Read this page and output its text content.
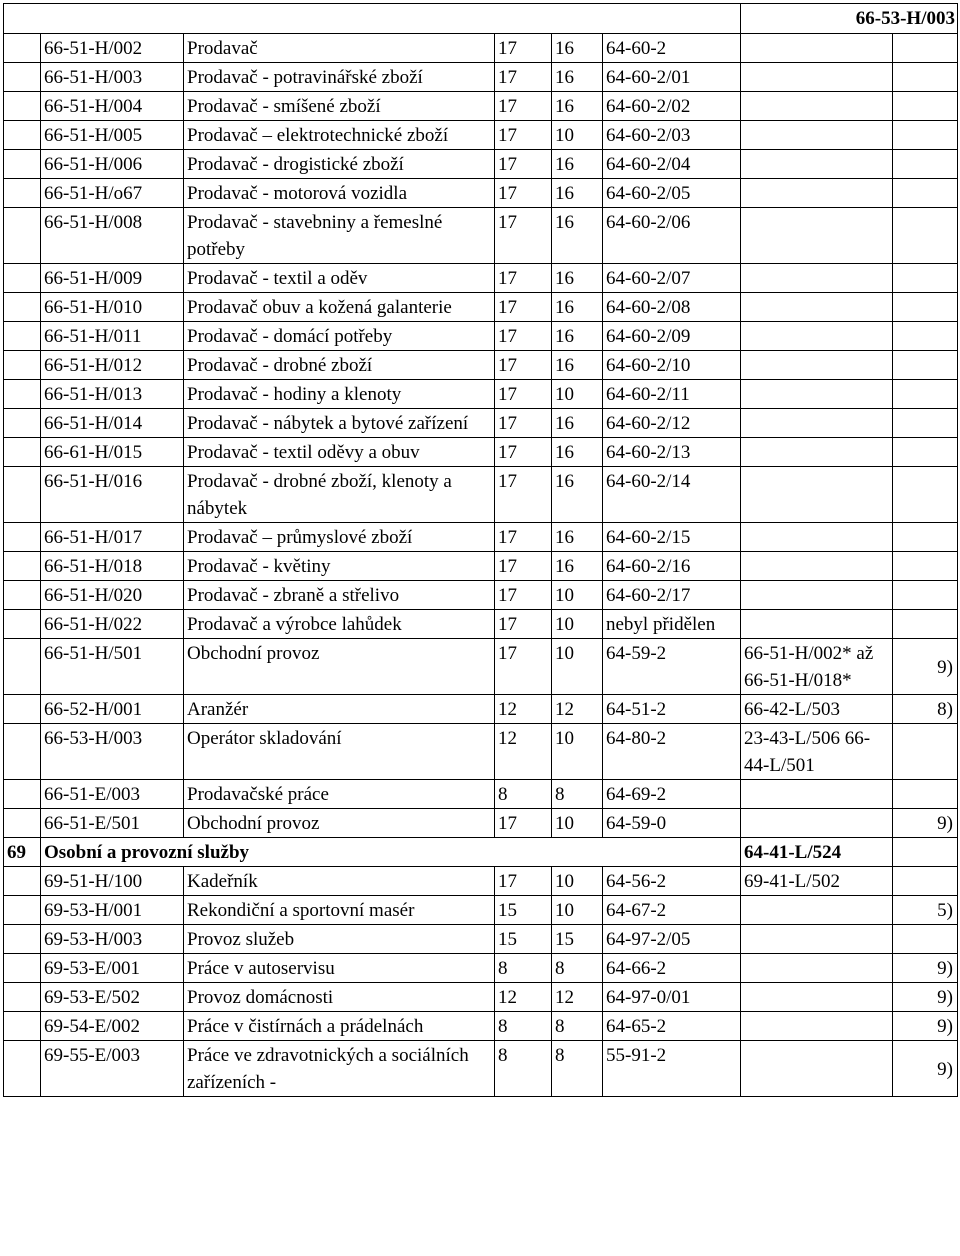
						66-53-H/003	
	66-51-H/002	Prodavač	17	16	64-60-2		
	66-51-H/003	Prodavač - potravinářské zboží	17	16	64-60-2/01		
	66-51-H/004	Prodavač - smíšené zboží	17	16	64-60-2/02		
	66-51-H/005	Prodavač – elektrotechnické zboží	17	10	64-60-2/03		
	66-51-H/006	Prodavač - drogistické zboží	17	16	64-60-2/04		
	66-51-H/o67	Prodavač - motorová vozidla	17	16	64-60-2/05		
	66-51-H/008	Prodavač - stavebniny a řemeslné potřeby	17	16	64-60-2/06		
	66-51-H/009	Prodavač - textil a oděv	17	16	64-60-2/07		
	66-51-H/010	Prodavač obuv a kožená galanterie	17	16	64-60-2/08		
	66-51-H/011	Prodavač - domácí potřeby	17	16	64-60-2/09		
	66-51-H/012	Prodavač - drobné zboží	17	16	64-60-2/10		
	66-51-H/013	Prodavač - hodiny a klenoty	17	10	64-60-2/11		
	66-51-H/014	Prodavač - nábytek a bytové zařízení	17	16	64-60-2/12		
	66-61-H/015	Prodavač - textil oděvy a obuv	17	16	64-60-2/13		
	66-51-H/016	Prodavač - drobné zboží, klenoty a nábytek	17	16	64-60-2/14		
	66-51-H/017	Prodavač – průmyslové zboží	17	16	64-60-2/15		
	66-51-H/018	Prodavač - květiny	17	16	64-60-2/16		
	66-51-H/020	Prodavač - zbraně a střelivo	17	10	64-60-2/17		
	66-51-H/022	Prodavač a výrobce lahůdek	17	10	nebyl přidělen		
	66-51-H/501	Obchodní provoz	17	10	64-59-2	66-51-H/002* až 66-51-H/018*	9)
	66-52-H/001	Aranžér	12	12	64-51-2	66-42-L/503	8)
	66-53-H/003	Operátor skladování	12	10	64-80-2	23-43-L/506 66-44-L/501	
	66-51-E/003	Prodavačské práce	8	8	64-69-2		
	66-51-E/501	Obchodní provoz	17	10	64-59-0		9)
69	Osobní a provozní služby					64-41-L/524	
	69-51-H/100	Kadeřník	17	10	64-56-2	69-41-L/502	
	69-53-H/001	Rekondiční a sportovní masér	15	10	64-67-2		5)
	69-53-H/003	Provoz služeb	15	15	64-97-2/05		
	69-53-E/001	Práce v autoservisu	8	8	64-66-2		9)
	69-53-E/502	Provoz domácnosti	12	12	64-97-0/01		9)
	69-54-E/002	Práce v čistírnách a prádelnách	8	8	64-65-2		9)
	69-55-E/003	Práce ve zdravotnických a sociálních zařízeních -	8	8	55-91-2		9)
